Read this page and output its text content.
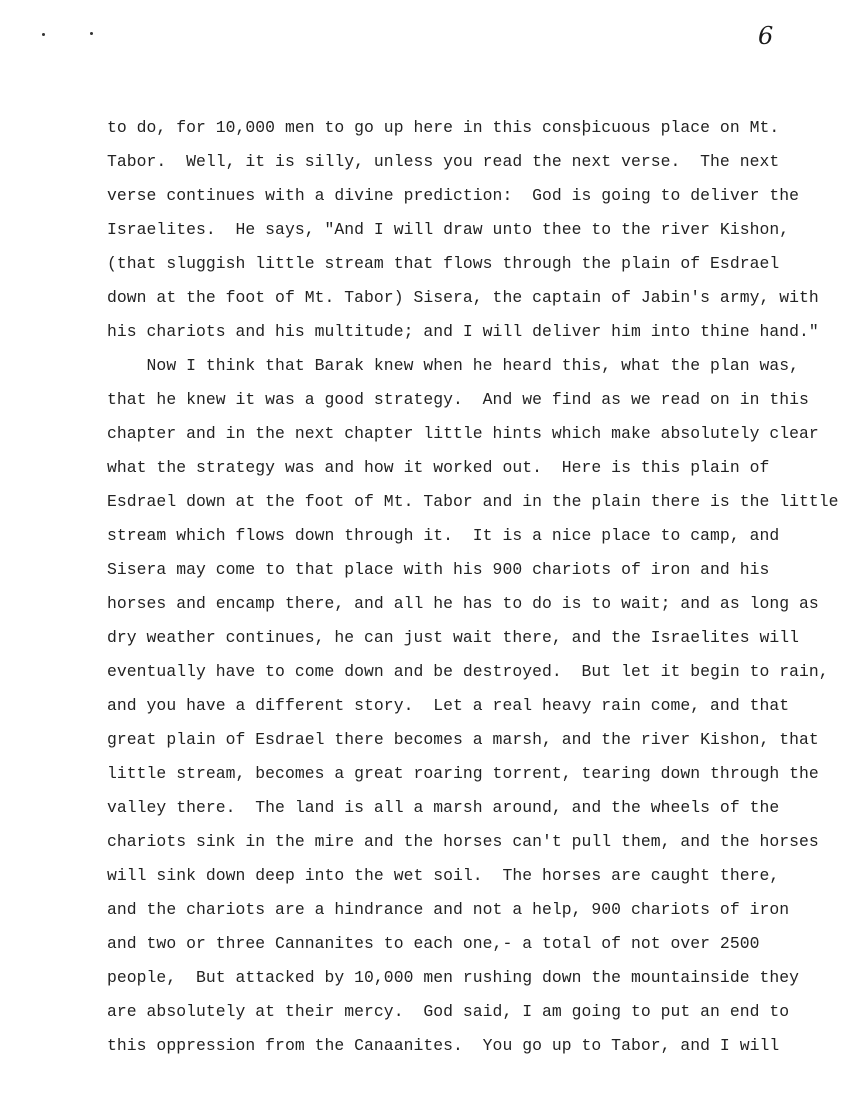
6
to do, for 10,000 men to go up here in this consþicuous place on Mt.
Tabor.  Well, it is silly, unless you read the next verse.  The next
verse continues with a divine prediction:  God is going to deliver the
Israelites.  He says, "And I will draw unto thee to the river Kishon,
(that sluggish little stream that flows through the plain of Esdrael
down at the foot of Mt. Tabor) Sisera, the captain of Jabin's army, with
his chariots and his multitude; and I will deliver him into thine hand."
Now I think that Barak knew when he heard this, what the plan was,
that he knew it was a good strategy.  And we find as we read on in this
chapter and in the next chapter little hints which make absolutely clear
what the strategy was and how it worked out.  Here is this plain of
Esdrael down at the foot of Mt. Tabor and in the plain there is the little
stream which flows down through it.  It is a nice place to camp, and
Sisera may come to that place with his 900 chariots of iron and his
horses and encamp there, and all he has to do is to wait; and as long as
dry weather continues, he can just wait there, and the Israelites will
eventually have to come down and be destroyed.  But let it begin to rain,
and you have a different story.  Let a real heavy rain come, and that
great plain of Esdrael there becomes a marsh, and the river Kishon, that
little stream, becomes a great roaring torrent, tearing down through the
valley there.  The land is all a marsh around, and the wheels of the
chariots sink in the mire and the horses can't pull them, and the horses
will sink down deep into the wet soil.  The horses are caught there,
and the chariots are a hindrance and not a help, 900 chariots of iron
and two or three Cannanites to each one,- a total of not over 2500
people,  But attacked by 10,000 men rushing down the mountainside they
are absolutely at their mercy.  God said, I am going to put an end to
this oppression from the Canaanites.  You go up to Tabor, and I will
